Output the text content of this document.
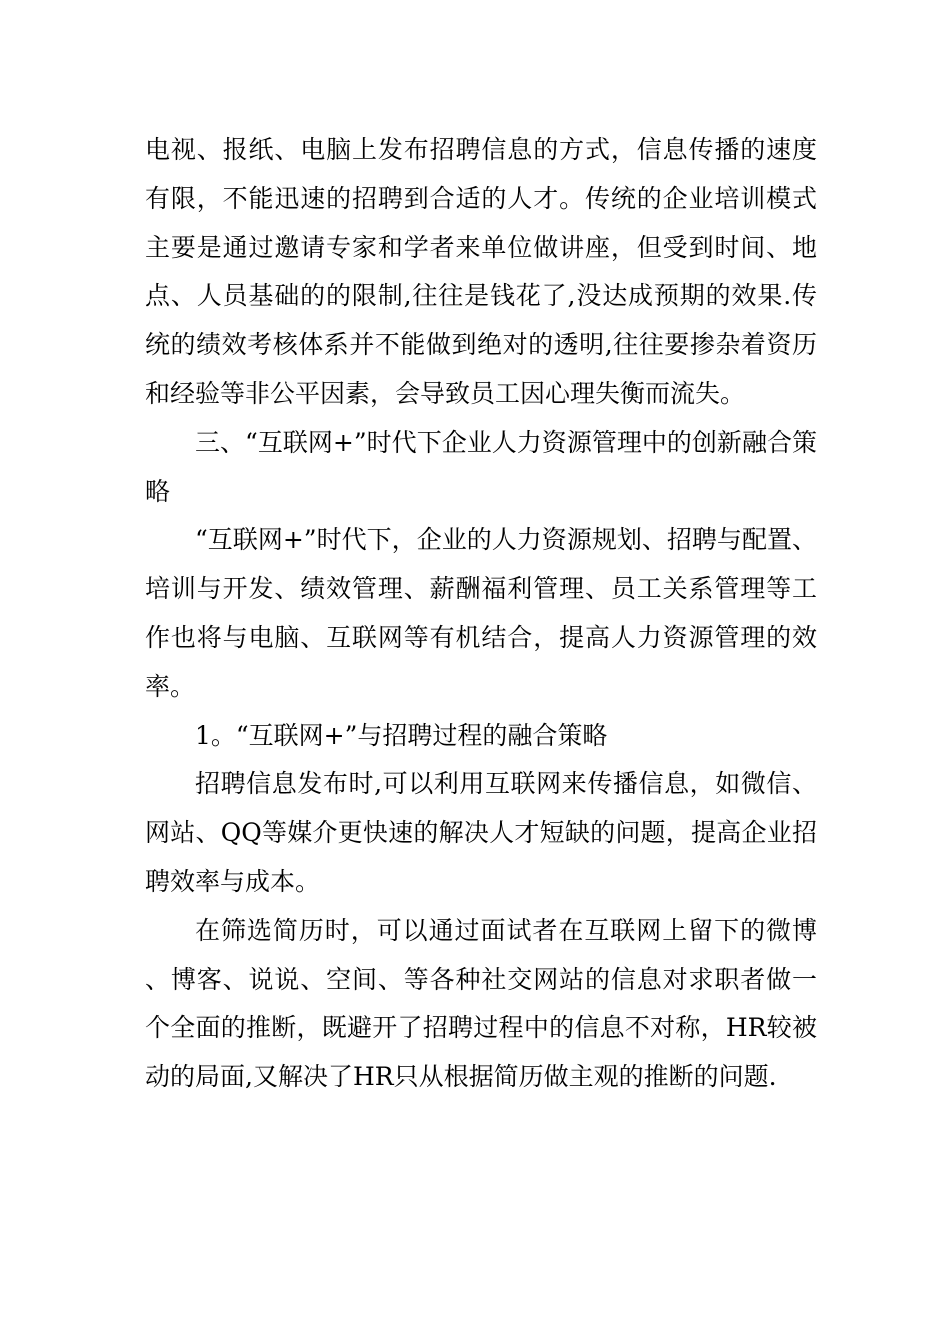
电视、报纸、电脑上发布招聘信息的方式，信息传播的速度有限，不能迅速的招聘到合适的人才。传统的企业培训模式主要是通过邀请专家和学者来单位做讲座，但受到时间、地点、人员基础的的限制,往往是钱花了,没达成预期的效果.传统的绩效考核体系并不能做到绝对的透明,往往要掺杂着资历和经验等非公平因素，会导致员工因心理失衡而流失。

三、“互联网+”时代下企业人力资源管理中的创新融合策略

“互联网+”时代下，企业的人力资源规划、招聘与配置、培训与开发、绩效管理、薪酬福利管理、员工关系管理等工作也将与电脑、互联网等有机结合，提高人力资源管理的效率。

1。“互联网+”与招聘过程的融合策略

招聘信息发布时,可以利用互联网来传播信息，如微信、网站、QQ等媒介更快速的解决人才短缺的问题，提高企业招聘效率与成本。

在筛选简历时，可以通过面试者在互联网上留下的微博、博客、说说、空间、等各种社交网站的信息对求职者做一个全面的推断，既避开了招聘过程中的信息不对称，HR较被动的局面,又解决了HR只从根据简历做主观的推断的问题.
